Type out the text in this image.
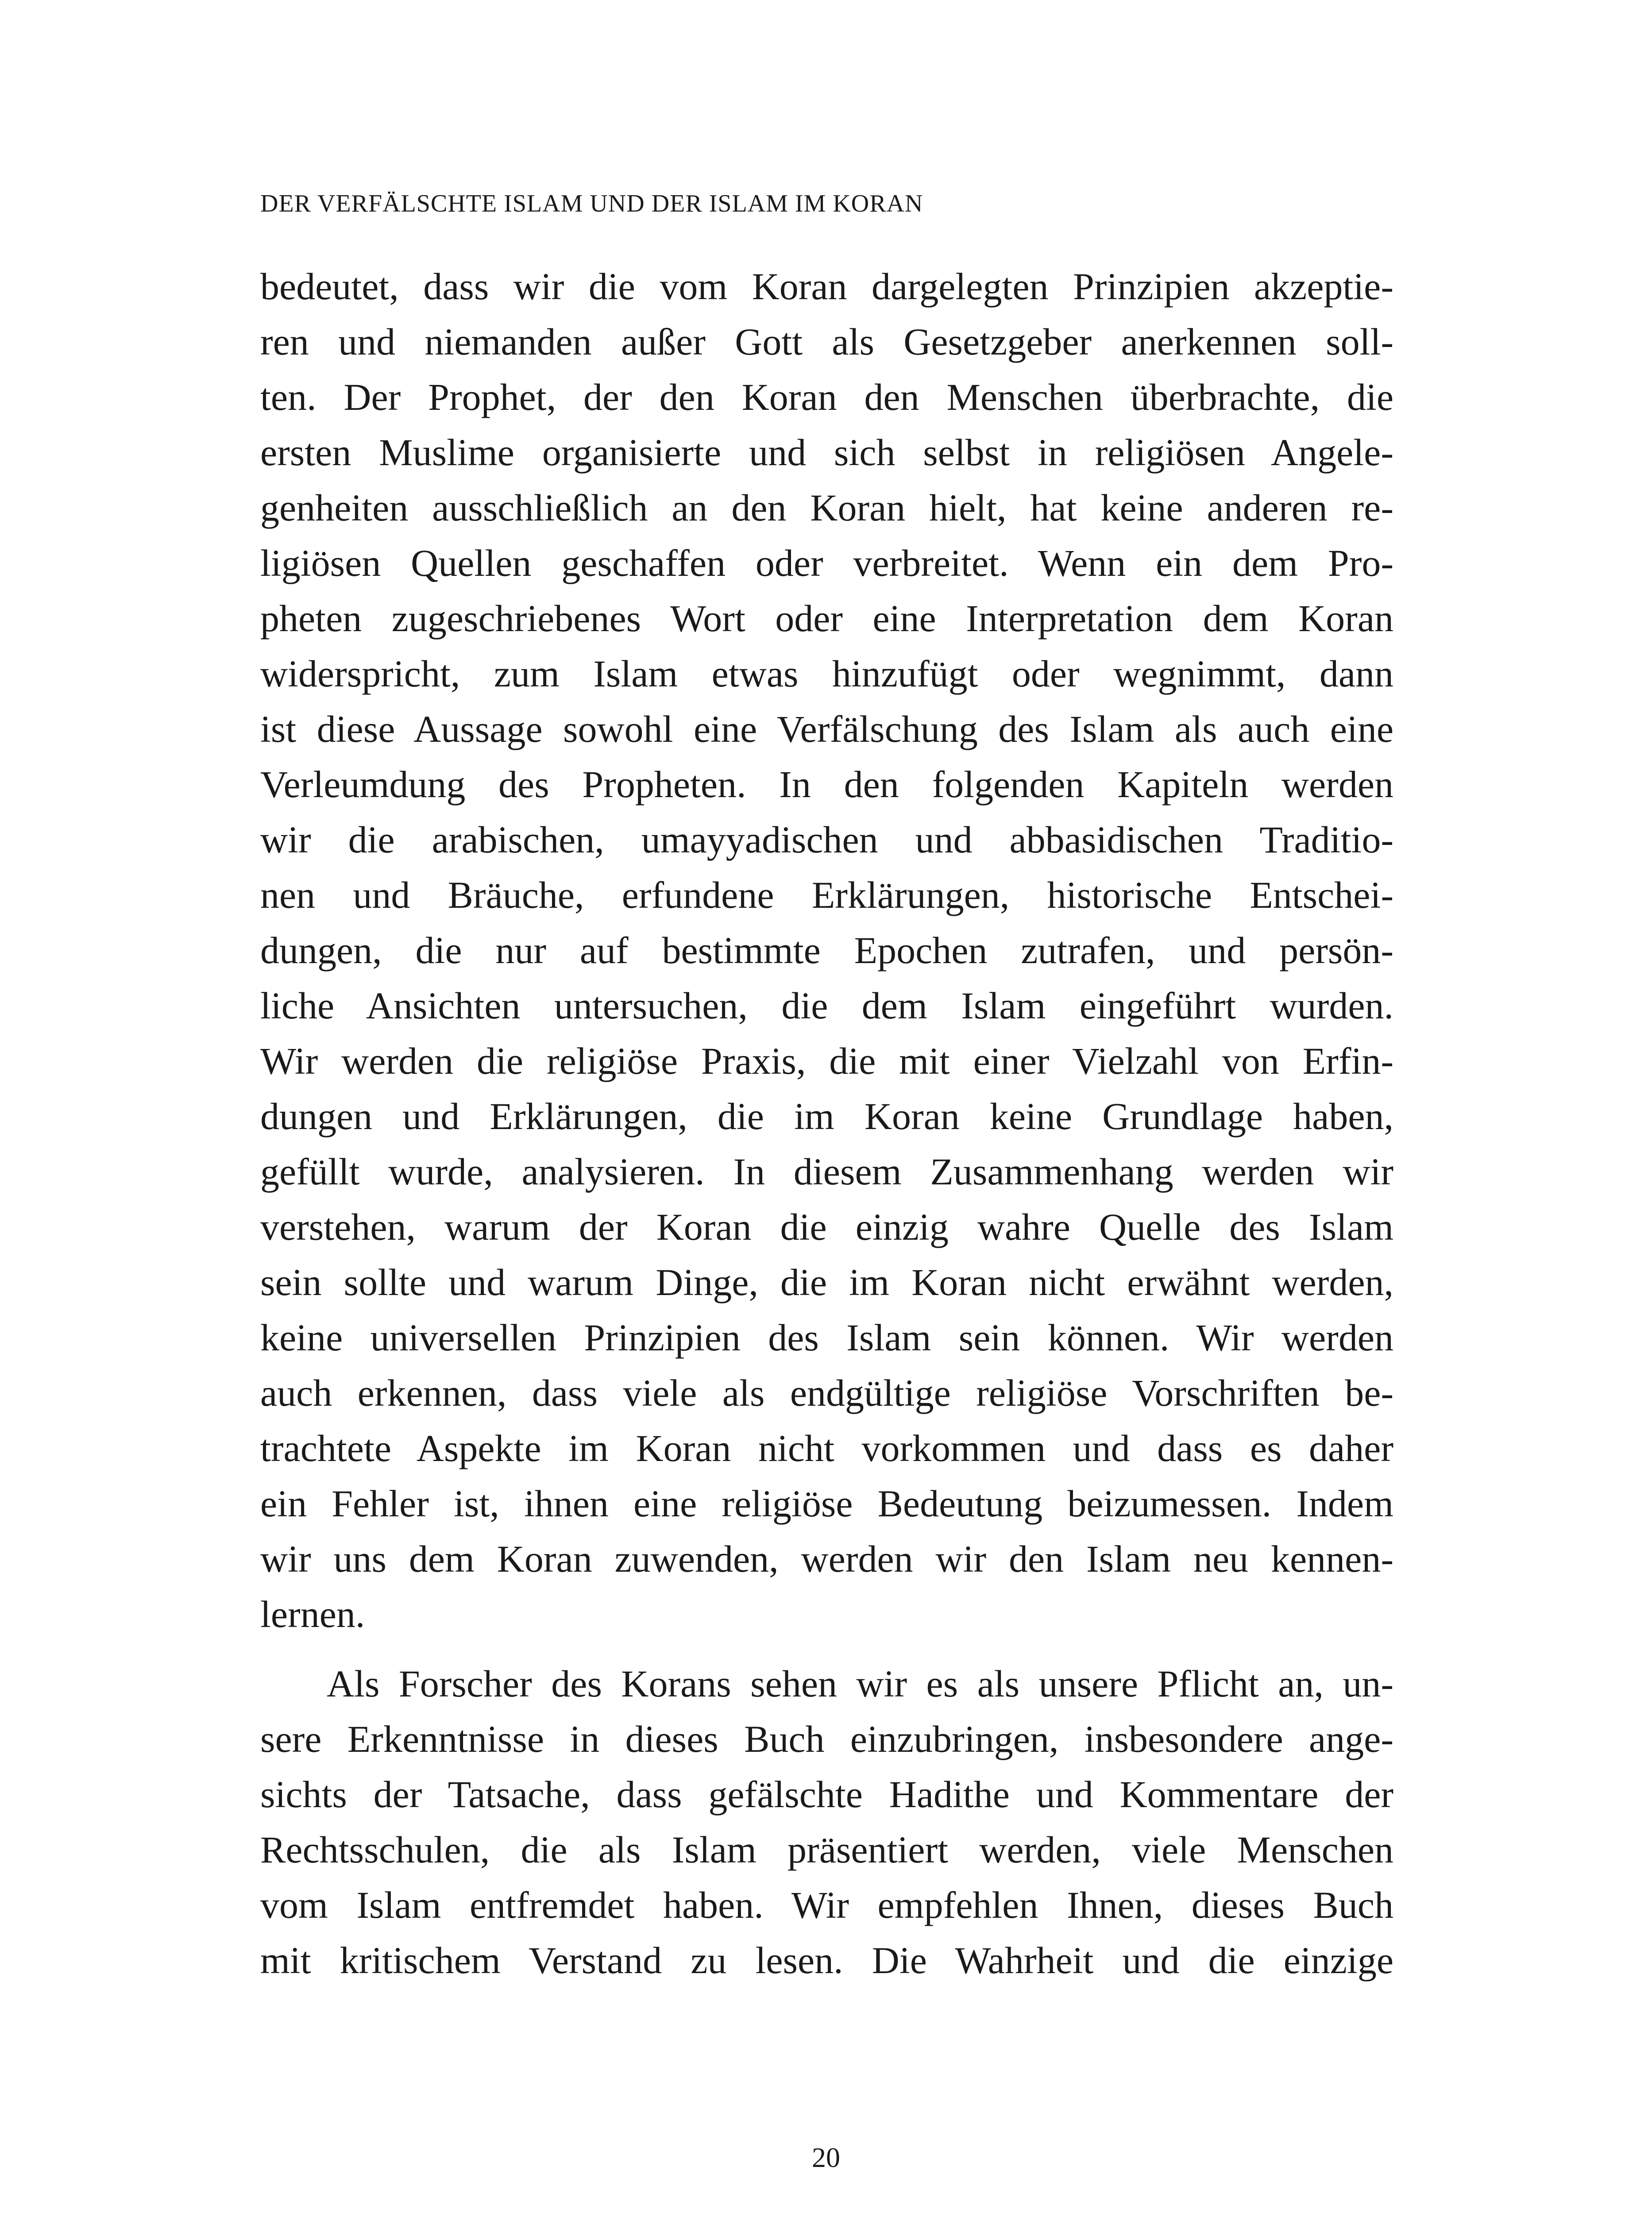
DER VERFÄLSCHTE ISLAM UND DER ISLAM IM KORAN
bedeutet, dass wir die vom Koran dargelegten Prinzipien akzeptie-
ren und niemanden außer Gott als Gesetzgeber anerkennen soll-
ten. Der Prophet, der den Koran den Menschen überbrachte, die
ersten Muslime organisierte und sich selbst in religiösen Angele-
genheiten ausschließlich an den Koran hielt, hat keine anderen re-
ligiösen Quellen geschaffen oder verbreitet. Wenn ein dem Pro-
pheten zugeschriebenes Wort oder eine Interpretation dem Koran
widerspricht, zum Islam etwas hinzufügt oder wegnimmt, dann
ist diese Aussage sowohl eine Verfälschung des Islam als auch eine
Verleumdung des Propheten. In den folgenden Kapiteln werden
wir die arabischen, umayyadischen und abbasidischen Traditio-
nen und Bräuche, erfundene Erklärungen, historische Entschei-
dungen, die nur auf bestimmte Epochen zutrafen, und persön-
liche Ansichten untersuchen, die dem Islam eingeführt wurden.
Wir werden die religiöse Praxis, die mit einer Vielzahl von Erfin-
dungen und Erklärungen, die im Koran keine Grundlage haben,
gefüllt wurde, analysieren. In diesem Zusammenhang werden wir
verstehen, warum der Koran die einzig wahre Quelle des Islam
sein sollte und warum Dinge, die im Koran nicht erwähnt werden,
keine universellen Prinzipien des Islam sein können. Wir werden
auch erkennen, dass viele als endgültige religiöse Vorschriften be-
trachtete Aspekte im Koran nicht vorkommen und dass es daher
ein Fehler ist, ihnen eine religiöse Bedeutung beizumessen. Indem
wir uns dem Koran zuwenden, werden wir den Islam neu kennen-
lernen.
Als Forscher des Korans sehen wir es als unsere Pflicht an, un-
sere Erkenntnisse in dieses Buch einzubringen, insbesondere ange-
sichts der Tatsache, dass gefälschte Hadithe und Kommentare der
Rechtsschulen, die als Islam präsentiert werden, viele Menschen
vom Islam entfremdet haben. Wir empfehlen Ihnen, dieses Buch
mit kritischem Verstand zu lesen. Die Wahrheit und die einzige
20
